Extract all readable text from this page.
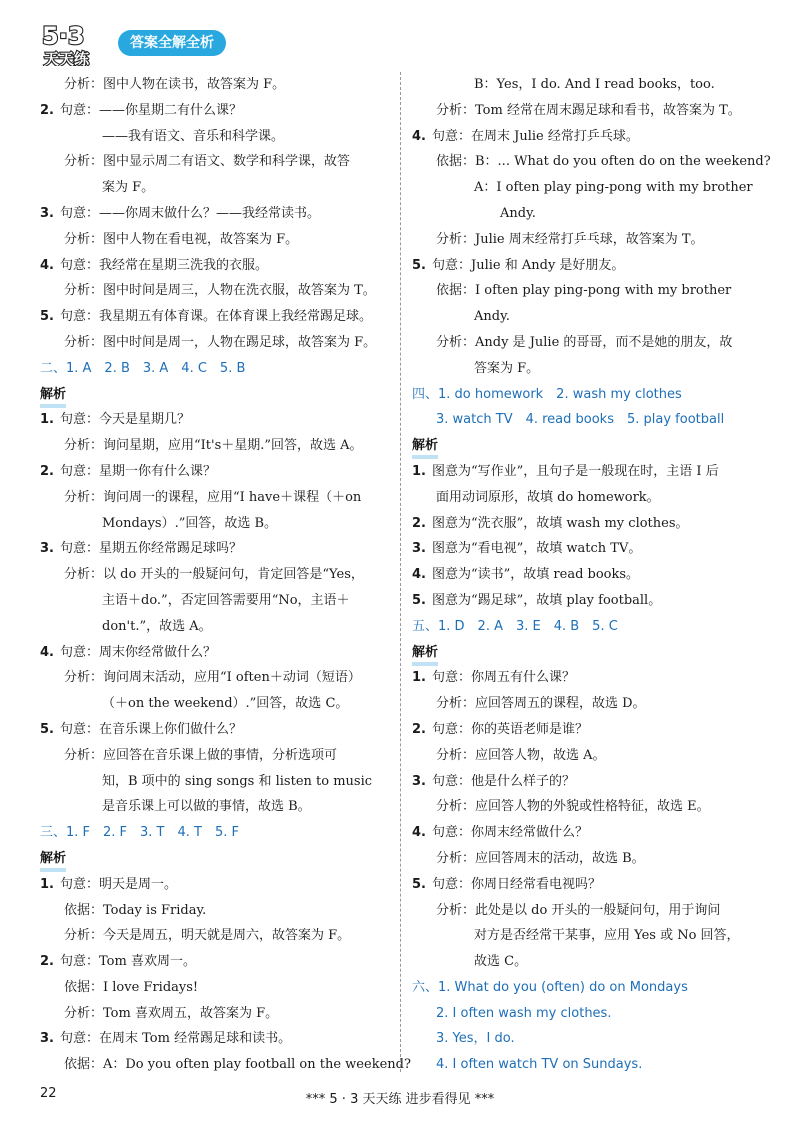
5·3
天天练
答案全解全析
分析：图中人物在读书，故答案为 F。
2. 句意：——你星期二有什么课？
——我有语文、音乐和科学课。
分析：图中显示周二有语文、数学和科学课，故答
案为 F。
3. 句意：——你周末做什么？——我经常读书。
分析：图中人物在看电视，故答案为 F。
4. 句意：我经常在星期三洗我的衣服。
分析：图中时间是周三，人物在洗衣服，故答案为 T。
5. 句意：我星期五有体育课。在体育课上我经常踢足球。
分析：图中时间是周一，人物在踢足球，故答案为 F。
二、1. A　2. B　3. A　4. C　5. B
解析
1. 句意：今天是星期几？
分析：询问星期，应用“It's＋星期.”回答，故选 A。
2. 句意：星期一你有什么课？
分析：询问周一的课程，应用“I have＋课程（＋on
Mondays）.”回答，故选 B。
3. 句意：星期五你经常踢足球吗？
分析：以 do 开头的一般疑问句，肯定回答是“Yes，
主语＋do.”，否定回答需要用“No，主语＋
don't.”，故选 A。
4. 句意：周末你经常做什么？
分析：询问周末活动，应用“I often＋动词（短语）
（＋on the weekend）.”回答，故选 C。
5. 句意：在音乐课上你们做什么？
分析：应回答在音乐课上做的事情，分析选项可
知，B 项中的 sing songs 和 listen to music
是音乐课上可以做的事情，故选 B。
三、1. F　2. F　3. T　4. T　5. F
解析
1. 句意：明天是周一。
依据：Today is Friday.
分析：今天是周五，明天就是周六，故答案为 F。
2. 句意：Tom 喜欢周一。
依据：I love Fridays!
分析：Tom 喜欢周五，故答案为 F。
3. 句意：在周末 Tom 经常踢足球和读书。
依据：A：Do you often play football on the weekend?
B：Yes，I do. And I read books，too.
分析：Tom 经常在周末踢足球和看书，故答案为 T。
4. 句意：在周末 Julie 经常打乒乓球。
依据：B：... What do you often do on the weekend?
A：I often play ping-pong with my brother
Andy.
分析：Julie 周末经常打乒乓球，故答案为 T。
5. 句意：Julie 和 Andy 是好朋友。
依据：I often play ping-pong with my brother
Andy.
分析：Andy 是 Julie 的哥哥，而不是她的朋友，故
答案为 F。
四、1. do homework　2. wash my clothes
3. watch TV　4. read books　5. play football
解析
1. 图意为“写作业”，且句子是一般现在时，主语 I 后
面用动词原形，故填 do homework。
2. 图意为“洗衣服”，故填 wash my clothes。
3. 图意为“看电视”，故填 watch TV。
4. 图意为“读书”，故填 read books。
5. 图意为“踢足球”，故填 play football。
五、1. D　2. A　3. E　4. B　5. C
解析
1. 句意：你周五有什么课？
分析：应回答周五的课程，故选 D。
2. 句意：你的英语老师是谁？
分析：应回答人物，故选 A。
3. 句意：他是什么样子的？
分析：应回答人物的外貌或性格特征，故选 E。
4. 句意：你周末经常做什么？
分析：应回答周末的活动，故选 B。
5. 句意：你周日经常看电视吗？
分析：此处是以 do 开头的一般疑问句，用于询问
对方是否经常干某事，应用 Yes 或 No 回答，
故选 C。
六、1. What do you (often) do on Mondays
2. I often wash my clothes.
3. Yes，I do.
4. I often watch TV on Sundays.
22	*** 5 · 3 天天练 进步看得见 ***
